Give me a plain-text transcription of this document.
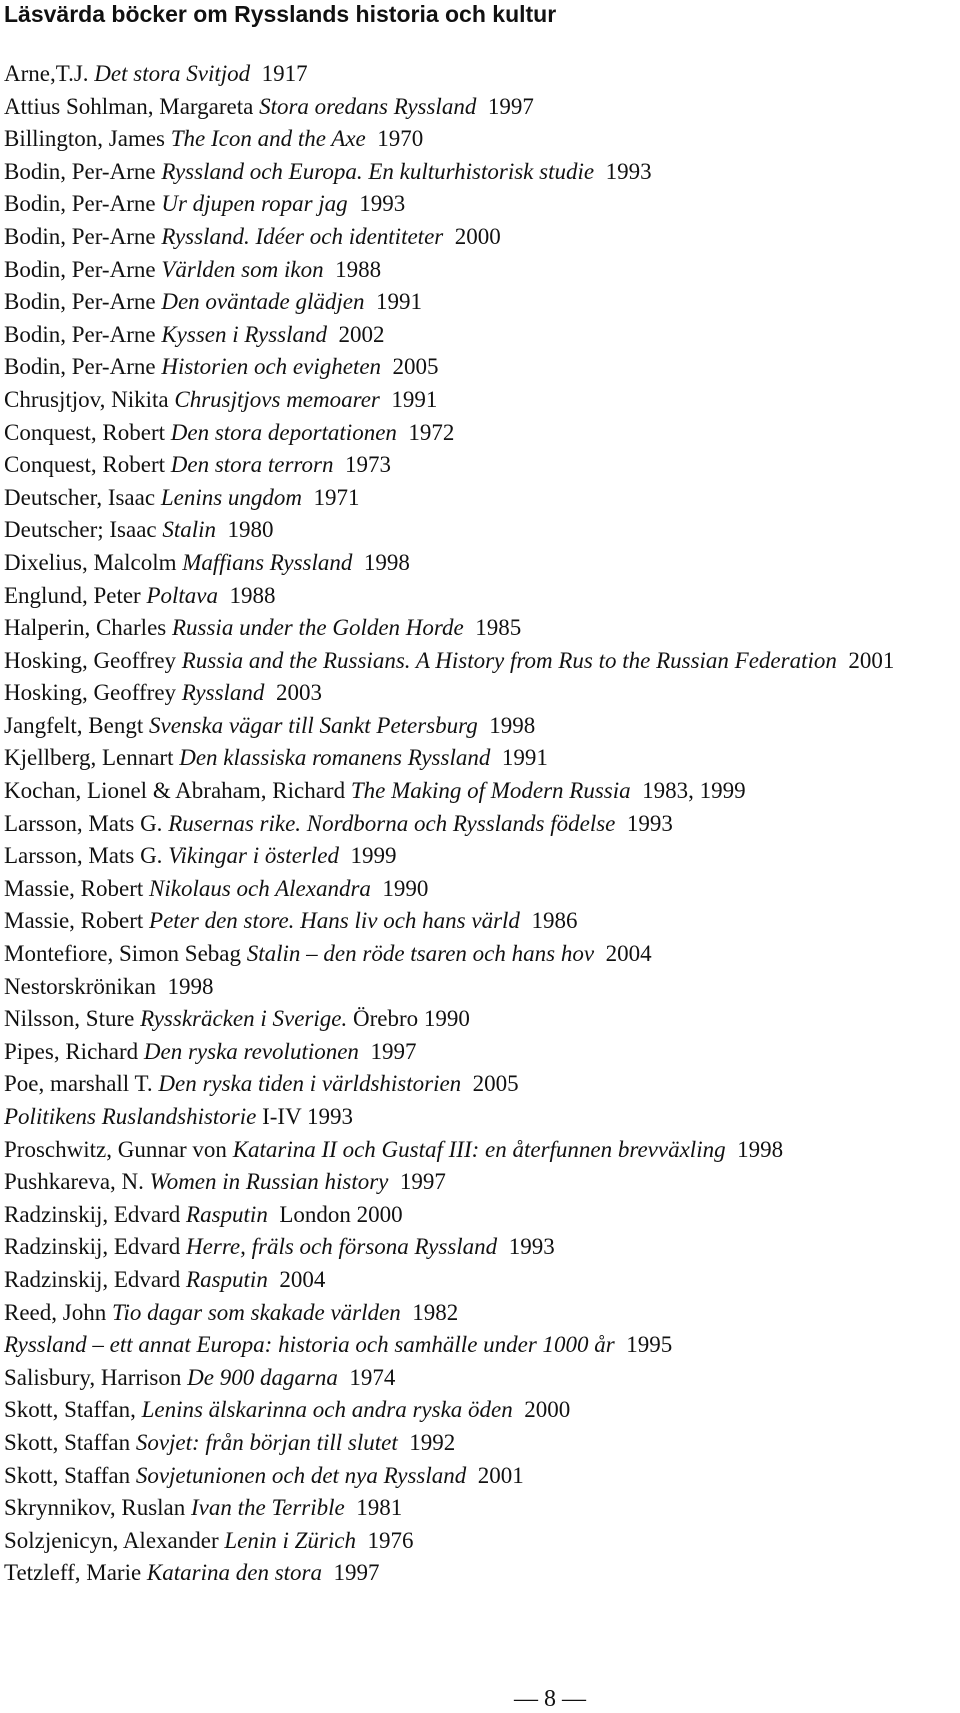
Läsvärda böcker om Rysslands historia och kultur
Arne,T.J. Det stora Svitjod  1917
Attius Sohlman, Margareta Stora oredans Ryssland  1997
Billington, James The Icon and the Axe  1970
Bodin, Per-Arne Ryssland och Europa. En kulturhistorisk studie  1993
Bodin, Per-Arne Ur djupen ropar jag  1993
Bodin, Per-Arne Ryssland. Idéer och identiteter  2000
Bodin, Per-Arne Världen som ikon  1988
Bodin, Per-Arne Den oväntade glädjen  1991
Bodin, Per-Arne Kyssen i Ryssland  2002
Bodin, Per-Arne Historien och evigheten  2005
Chrusjtjov, Nikita Chrusjtjovs memoarer  1991
Conquest, Robert Den stora deportationen  1972
Conquest, Robert Den stora terrorn  1973
Deutscher, Isaac Lenins ungdom  1971
Deutscher; Isaac Stalin  1980
Dixelius, Malcolm Maffians Ryssland  1998
Englund, Peter Poltava  1988
Halperin, Charles Russia under the Golden Horde  1985
Hosking, Geoffrey Russia and the Russians. A History from Rus to the Russian Federation  2001
Hosking, Geoffrey Ryssland  2003
Jangfelt, Bengt Svenska vägar till Sankt Petersburg  1998
Kjellberg, Lennart Den klassiska romanens Ryssland  1991
Kochan, Lionel & Abraham, Richard The Making of Modern Russia  1983, 1999
Larsson, Mats G. Rusernas rike. Nordborna och Rysslands födelse  1993
Larsson, Mats G. Vikingar i österled  1999
Massie, Robert Nikolaus och Alexandra  1990
Massie, Robert Peter den store. Hans liv och hans värld  1986
Montefiore, Simon Sebag Stalin – den röde tsaren och hans hov  2004
Nestorskrönikan  1998
Nilsson, Sture Rysskräcken i Sverige. Örebro 1990
Pipes, Richard Den ryska revolutionen  1997
Poe, marshall T. Den ryska tiden i världshistorien  2005
Politikens Ruslandshistorie I-IV 1993
Proschwitz, Gunnar von Katarina II och Gustaf III: en återfunnen brevväxling  1998
Pushkareva, N. Women in Russian history  1997
Radzinskij, Edvard Rasputin  London 2000
Radzinskij, Edvard Herre, fräls och försona Ryssland  1993
Radzinskij, Edvard Rasputin  2004
Reed, John Tio dagar som skakade världen  1982
Ryssland – ett annat Europa: historia och samhälle under 1000 år  1995
Salisbury, Harrison De 900 dagarna  1974
Skott, Staffan, Lenins älskarinna och andra ryska öden  2000
Skott, Staffan Sovjet: från början till slutet  1992
Skott, Staffan Sovjetunionen och det nya Ryssland  2001
Skrynnikov, Ruslan Ivan the Terrible  1981
Solzjenicyn, Alexander Lenin i Zürich  1976
Tetzleff, Marie Katarina den stora  1997
— 8 —
